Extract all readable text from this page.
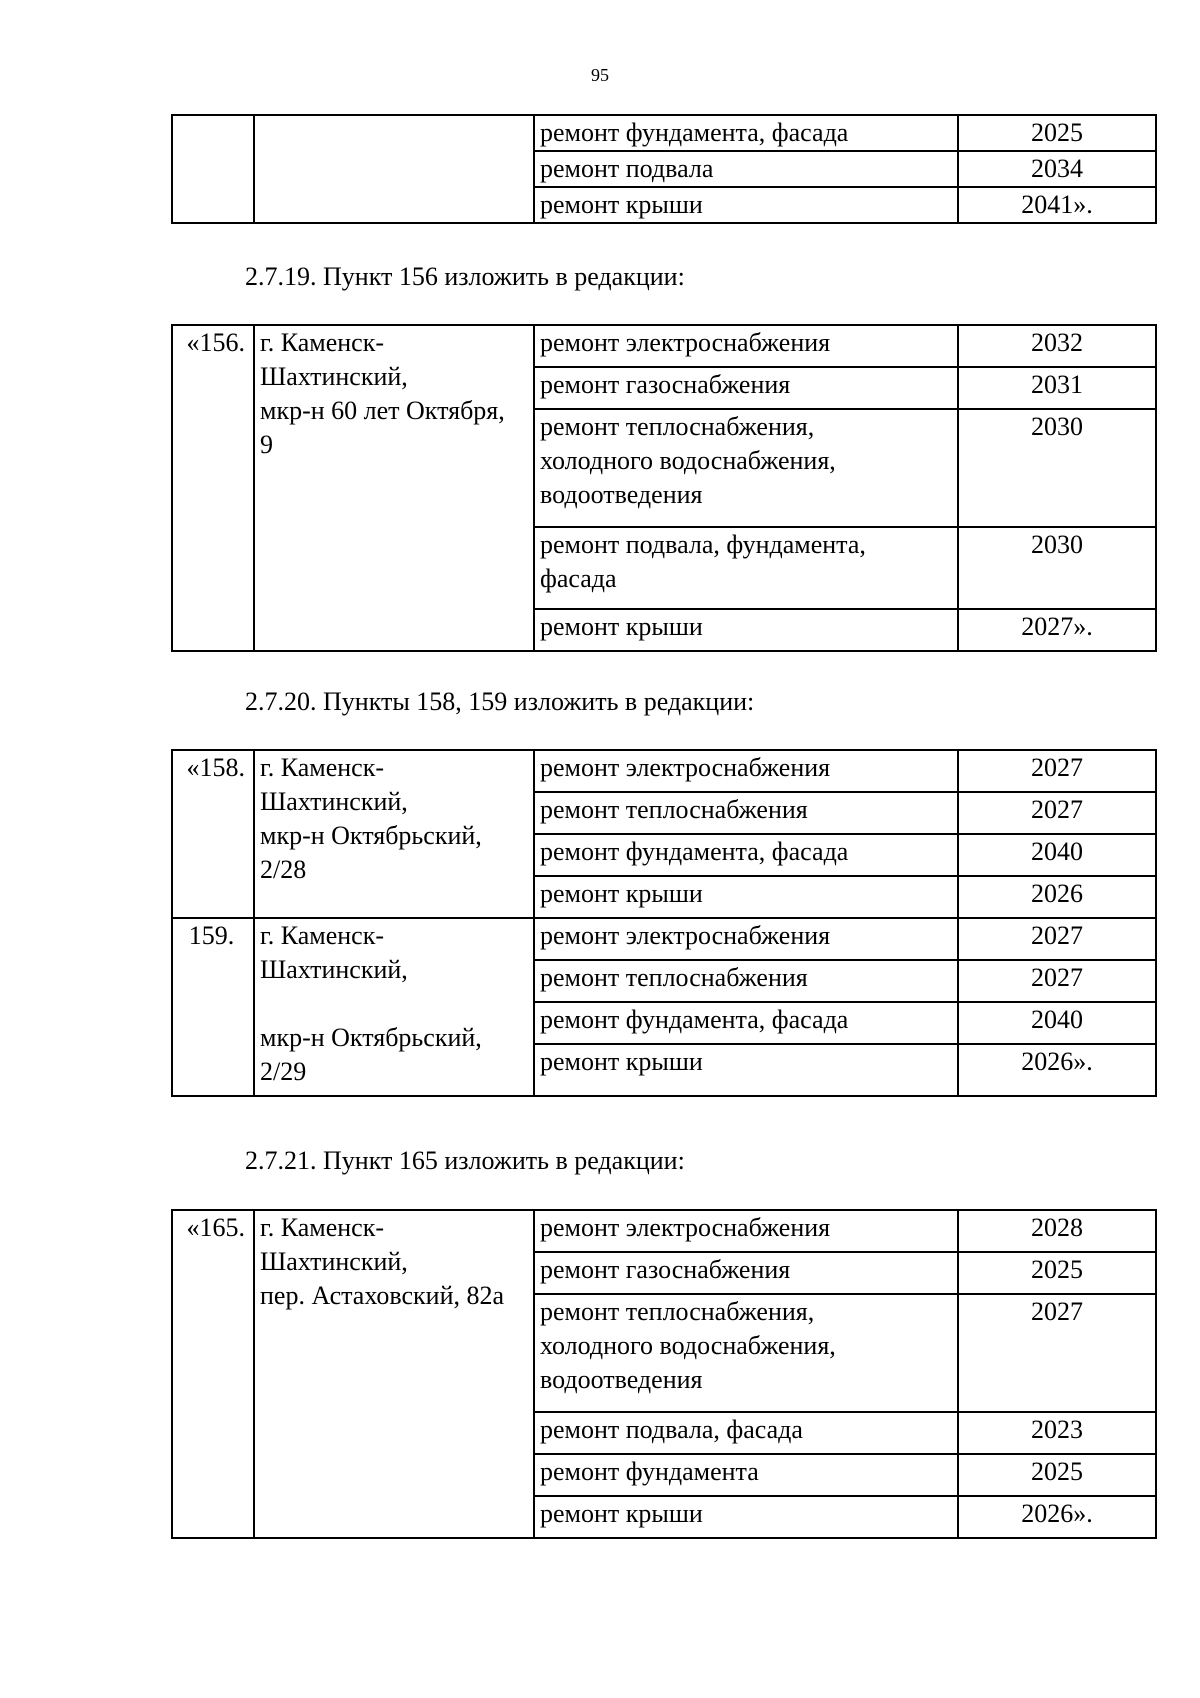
95
		ремонт фундамента, фасада	2025
		ремонт подвала	2034
		ремонт крыши	2041».
2.7.19. Пункт 156 изложить в редакции:
«156.	г. Каменск-
Шахтинский,
мкр-н 60 лет Октября,
9	ремонт электроснабжения	2032
		ремонт газоснабжения	2031
		ремонт теплоснабжения,
холодного водоснабжения,
водоотведения	2030
		ремонт подвала, фундамента,
фасада	2030
		ремонт крыши	2027».
2.7.20. Пункты 158, 159 изложить в редакции:
«158.	г. Каменск-
Шахтинский,
мкр-н Октябрьский,
2/28	ремонт электроснабжения	2027
		ремонт теплоснабжения	2027
		ремонт фундамента, фасада	2040
		ремонт крыши	2026
159.	г. Каменск-
Шахтинский,

мкр-н Октябрьский,
2/29	ремонт электроснабжения	2027
		ремонт теплоснабжения	2027
		ремонт фундамента, фасада	2040
		ремонт крыши	2026».
2.7.21. Пункт 165 изложить в редакции:
«165.	г. Каменск-
Шахтинский,
пер. Астаховский, 82а	ремонт электроснабжения	2028
		ремонт газоснабжения	2025
		ремонт теплоснабжения,
холодного водоснабжения,
водоотведения	2027
		ремонт подвала, фасада	2023
		ремонт фундамента	2025
		ремонт крыши	2026».
